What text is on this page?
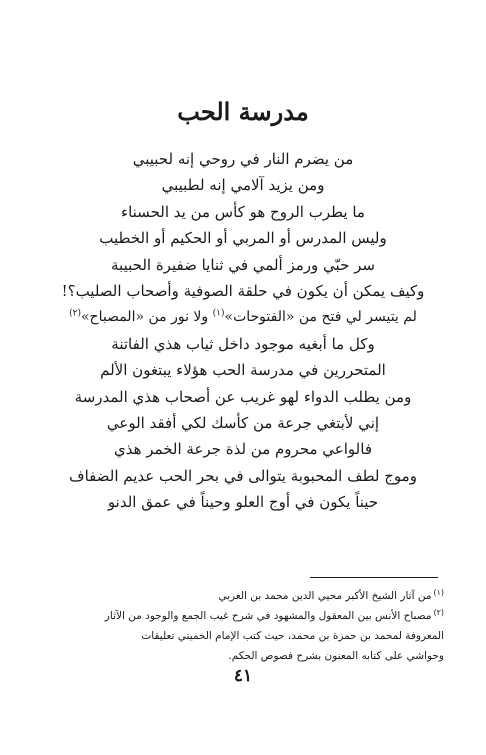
مدرسة الحب
من يضرم النار في روحي إنه لحبيبي
ومن يزيد آلامي إنه لطبيبي
ما يطرب الروح هو كأس من يد الحسناء
وليس المدرس أو المربي أو الحكيم أو الخطيب
سر حبّي ورمز ألمي في ثنايا ضفيرة الحبيبة
وكيف يمكن أن يكون في حلقة الصوفية وأصحاب الصليب؟!
لم يتيسر لي فتح من «الفتوحات»$^{(١)}$ ولا نور من «المصباح»$^{(٢)}$
وكل ما أبغيه موجود داخل ثياب هذي الفاتنة
المتحررين في مدرسة الحب هؤلاء يبتغون الألم
ومن يطلب الدواء لهو غريب عن أصحاب هذي المدرسة
إني لأبتغي جرعة من كأسك لكي أفقد الوعي
فالواعي محروم من لذة جرعة الخمر هذي
وموج لطف المحبوبة يتوالى في بحر الحب عديم الضفاف
حيناً يكون في أوج العلو وحيناً في عمق الدنو
$^{(١)}$من آثار الشيخ الأكبر محيي الدين محمد بن العربي
$^{(٢)}$مصباح الأنس بين المعقول والمشهود في شرح غيب الجمع والوجود من الآثار
المعروفة لمحمد بن حمزة بن محمد، حيث كتب الإمام الخميني تعليقات
وحواشي على كتابه المعنون بشرح فصوص الحكم.
٤١
